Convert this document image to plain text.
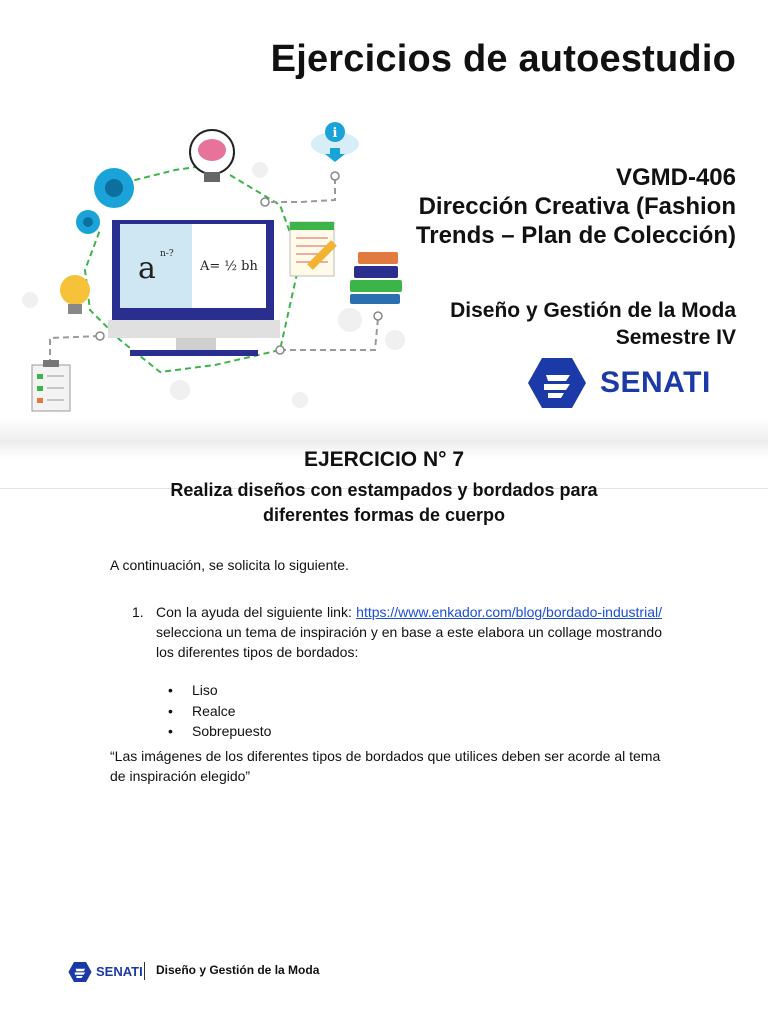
Ejercicios de autoestudio
i
a n-?
A= ½ bh
VGMD-406
Dirección Creativa (Fashion
Trends – Plan de Colección)
Diseño y Gestión de la Moda
Semestre IV
SENATI
EJERCICIO N° 7
Realiza diseños con estampados y bordados para
diferentes formas de cuerpo
A continuación, se solicita lo siguiente.
1. Con la ayuda del siguiente link: https://www.enkador.com/blog/bordado-industrial/ selecciona un tema de inspiración y en base a este elabora un collage mostrando los diferentes tipos de bordados:
• Liso
• Realce
• Sobrepuesto
“Las imágenes de los diferentes tipos de bordados que utilices deben ser acorde al tema de inspiración elegido”
SENATI Diseño y Gestión de la Moda
